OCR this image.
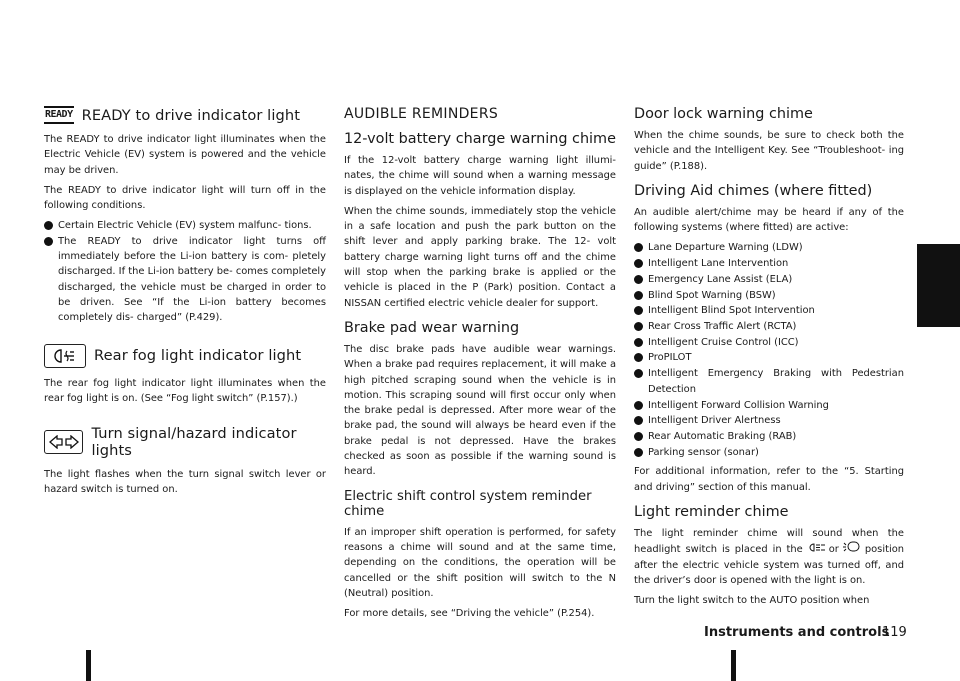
READY READY to drive indicator light

The READY to drive indicator light illuminates when the Electric Vehicle (EV) system is powered and the vehicle may be driven.

The READY to drive indicator light will turn off in the following conditions.

Certain Electric Vehicle (EV) system malfunc- tions.
The READY to drive indicator light turns off immediately before the Li-ion battery is com- pletely discharged. If the Li-ion battery be- comes completely discharged, the vehicle must be charged in order to be driven. See “If the Li-ion battery becomes completely dis- charged” (P.429).
Rear fog light indicator light

The rear fog light indicator light illuminates when the rear fog light is on. (See “Fog light switch” (P.157).)

Turn signal/hazard indicator lights

The light flashes when the turn signal switch lever or hazard switch is turned on.

AUDIBLE REMINDERS
12-volt battery charge warning chime

If the 12-volt battery charge warning light illumi- nates, the chime will sound when a warning message is displayed on the vehicle information display.

When the chime sounds, immediately stop the vehicle in a safe location and push the park button on the shift lever and apply parking brake. The 12- volt battery charge warning light turns off and the chime will stop when the parking brake is applied or the vehicle is placed in the P (Park) position. Contact a NISSAN certified electric vehicle dealer for support.

Brake pad wear warning

The disc brake pads have audible wear warnings. When a brake pad requires replacement, it will make a high pitched scraping sound when the vehicle is in motion. This scraping sound will first occur only when the brake pedal is depressed. After more wear of the brake pad, the sound will always be heard even if the brake pedal is not depressed. Have the brakes checked as soon as possible if the warning sound is heard.

Electric shift control system reminder chime

If an improper shift operation is performed, for safety reasons a chime will sound and at the same time, depending on the conditions, the operation will be cancelled or the shift position will switch to the N (Neutral) position.

For more details, see “Driving the vehicle” (P.254).

Door lock warning chime

When the chime sounds, be sure to check both the vehicle and the Intelligent Key. See “Troubleshoot- ing guide” (P.188).

Driving Aid chimes (where fitted)

An audible alert/chime may be heard if any of the following systems (where fitted) are active:

Lane Departure Warning (LDW)
Intelligent Lane Intervention
Emergency Lane Assist (ELA)
Blind Spot Warning (BSW)
Intelligent Blind Spot Intervention
Rear Cross Traffic Alert (RCTA)
Intelligent Cruise Control (ICC)
ProPILOT
Intelligent Emergency Braking with Pedestrian Detection
Intelligent Forward Collision Warning
Intelligent Driver Alertness
Rear Automatic Braking (RAB)
Parking sensor (sonar)

For additional information, refer to the “5. Starting and driving” section of this manual.

Light reminder chime

The light reminder chime will sound when the headlight switch is placed in the	or	position after the electric vehicle system was turned off, and the driver’s door is opened with the light is on.

Turn the light switch to the AUTO position when

Instruments and controls
119
